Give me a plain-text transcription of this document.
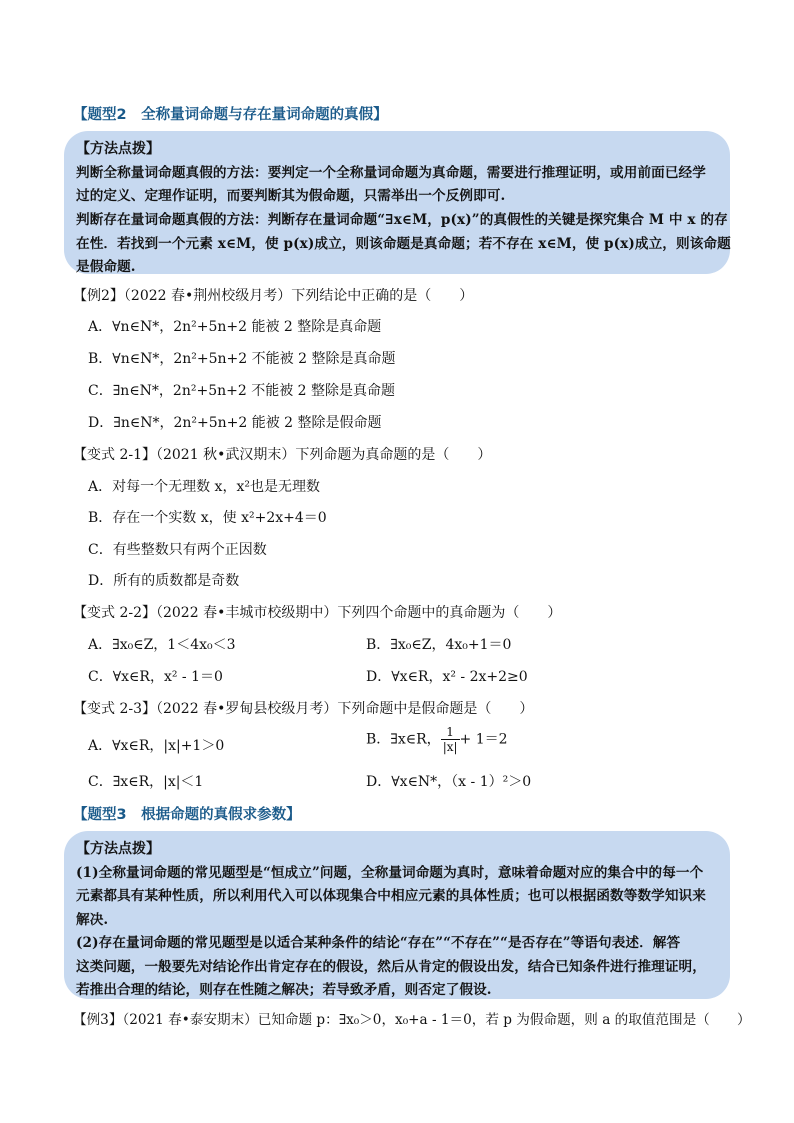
【题型2　全称量词命题与存在量词命题的真假】
【方法点拨】
判断全称量词命题真假的方法：要判定一个全称量词命题为真命题，需要进行推理证明，或用前面已经学
过的定义、定理作证明，而要判断其为假命题，只需举出一个反例即可.
判断存在量词命题真假的方法：判断存在量词命题“∃x∈M，p(x)”的真假性的关键是探究集合 M 中 x 的存
在性．若找到一个元素 x∈M，使 p(x)成立，则该命题是真命题；若不存在 x∈M，使 p(x)成立，则该命题
是假命题.
【例2】（2022 春•荆州校级月考）下列结论中正确的是（　　）
A．∀n∈N*，2n²+5n+2 能被 2 整除是真命题
B．∀n∈N*，2n²+5n+2 不能被 2 整除是真命题
C．∃n∈N*，2n²+5n+2 不能被 2 整除是真命题
D．∃n∈N*，2n²+5n+2 能被 2 整除是假命题
【变式 2-1】（2021 秋•武汉期末）下列命题为真命题的是（　　）
A．对每一个无理数 x，x²也是无理数
B．存在一个实数 x，使 x²+2x+4＝0
C．有些整数只有两个正因数
D．所有的质数都是奇数
【变式 2-2】（2022 春•丰城市校级期中）下列四个命题中的真命题为（　　）
A．∃x₀∈Z，1＜4x₀＜3	B．∃x₀∈Z，4x₀+1＝0
C．∀x∈R，x² - 1＝0	D．∀x∈R，x² - 2x+2≥0
【变式 2-3】（2022 春•罗甸县校级月考）下列命题中是假命题是（　　）
A．∀x∈R，|x|+1＞0	B．∃x∈R， $\frac{1}{|x|} + 1=2$
C．∃x∈R，|x|＜1	D．∀x∈N*，（x - 1）²＞0
【题型3　根据命题的真假求参数】
【方法点拨】
(1)全称量词命题的常见题型是“恒成立”问题，全称量词命题为真时，意味着命题对应的集合中的每一个
元素都具有某种性质，所以利用代入可以体现集合中相应元素的具体性质；也可以根据函数等数学知识来
解决.
(2)存在量词命题的常见题型是以适合某种条件的结论“存在”“不存在”“是否存在”等语句表述．解答
这类问题，一般要先对结论作出肯定存在的假设，然后从肯定的假设出发，结合已知条件进行推理证明，
若推出合理的结论，则存在性随之解决；若导致矛盾，则否定了假设.
【例3】（2021 春•泰安期末）已知命题 p：∃x₀＞0，x₀+a - 1＝0，若 p 为假命题，则 a 的取值范围是（　　）
